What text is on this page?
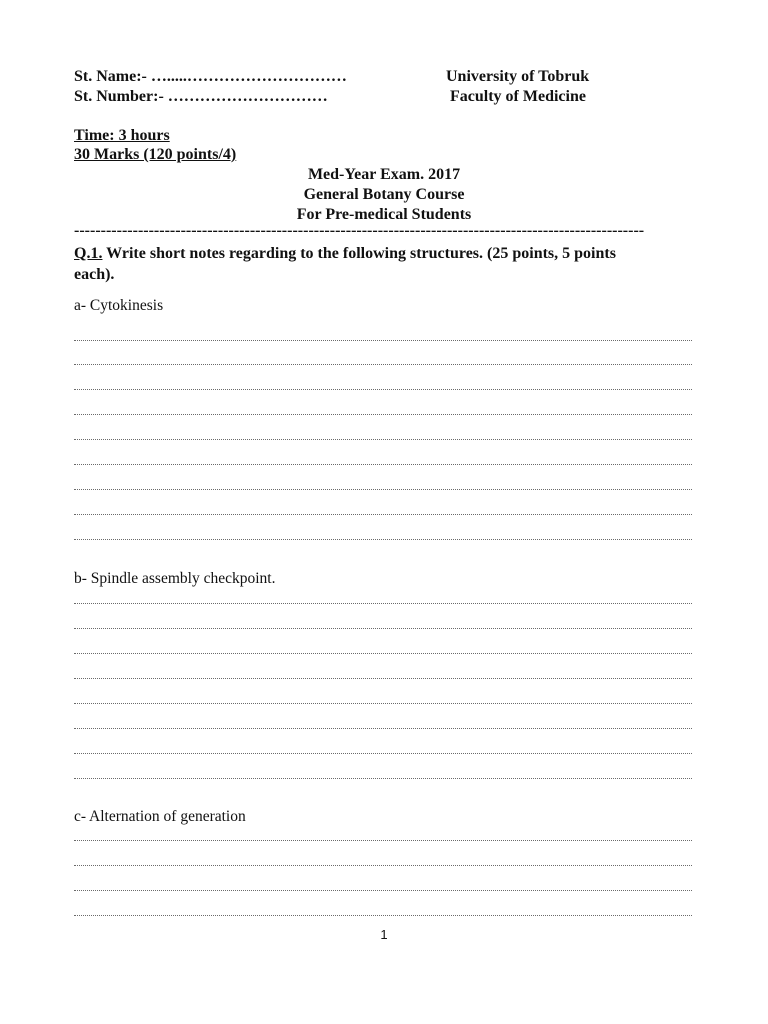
St. Name:- ….....…………………………
St. Number:- …………………………
University of Tobruk
Faculty of Medicine
Time: 3 hours
30 Marks (120 points/4)
Med-Year Exam. 2017
General Botany Course
For Pre-medical Students
-----------------------------------------------------------------------------------------------------------
Q.1. Write short notes regarding to the following structures. (25 points, 5 points
each).
a- Cytokinesis
b- Spindle assembly checkpoint.
c- Alternation of generation
1
